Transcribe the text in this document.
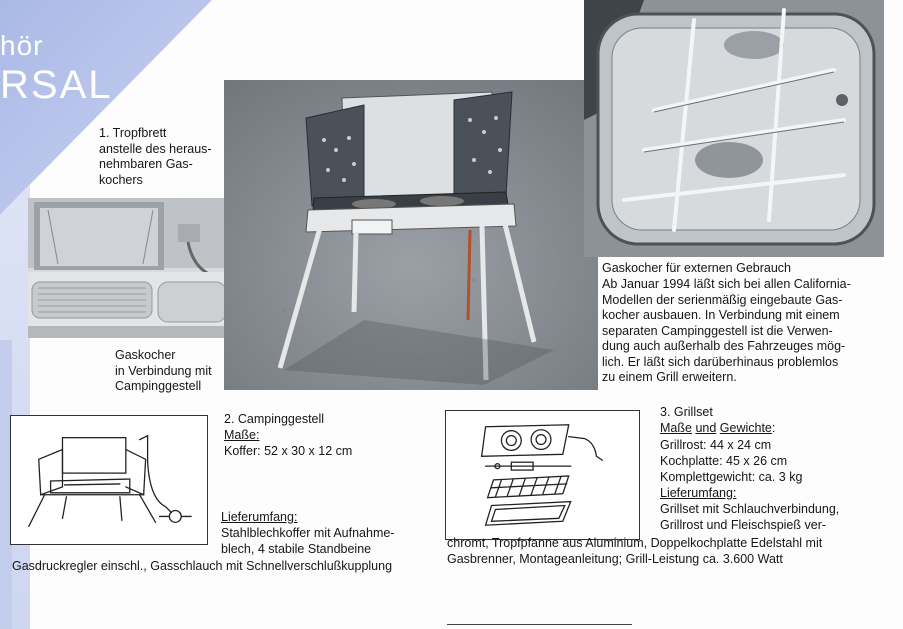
hör
RSAL
1. Tropfbrett
anstelle des heraus-
nehmbaren Gas-
kochers
Gaskocher
in Verbindung mit
Campinggestell
Gaskocher für externen Gebrauch
Ab Januar 1994 läßt sich bei allen California-
Modellen der serienmäßig eingebaute Gas-
kocher ausbauen. In Verbindung mit einem
separaten Campinggestell ist die Verwen-
dung auch außerhalb des Fahrzeuges mög-
lich. Er läßt sich darüberhinaus problemlos
zu einem Grill erweitern.
2. Campinggestell
Maße:
Koffer: 52 x 30 x 12 cm
Lieferumfang:
Stahlblechkoffer mit Aufnahme-
blech, 4 stabile Standbeine
Gasdruckregler einschl., Gasschlauch mit Schnellverschlußkupplung
3. Grillset
Maße und Gewichte:
Grillrost: 44 x 24 cm
Kochplatte: 45 x 26 cm
Komplettgewicht: ca. 3 kg
Lieferumfang:
Grillset mit Schlauchverbindung,
Grillrost und Fleischspieß ver-
chromt, Tropfpfanne aus Aluminium, Doppelkochplatte Edelstahl mit
Gasbrenner, Montageanleitung; Grill-Leistung ca. 3.600 Watt
